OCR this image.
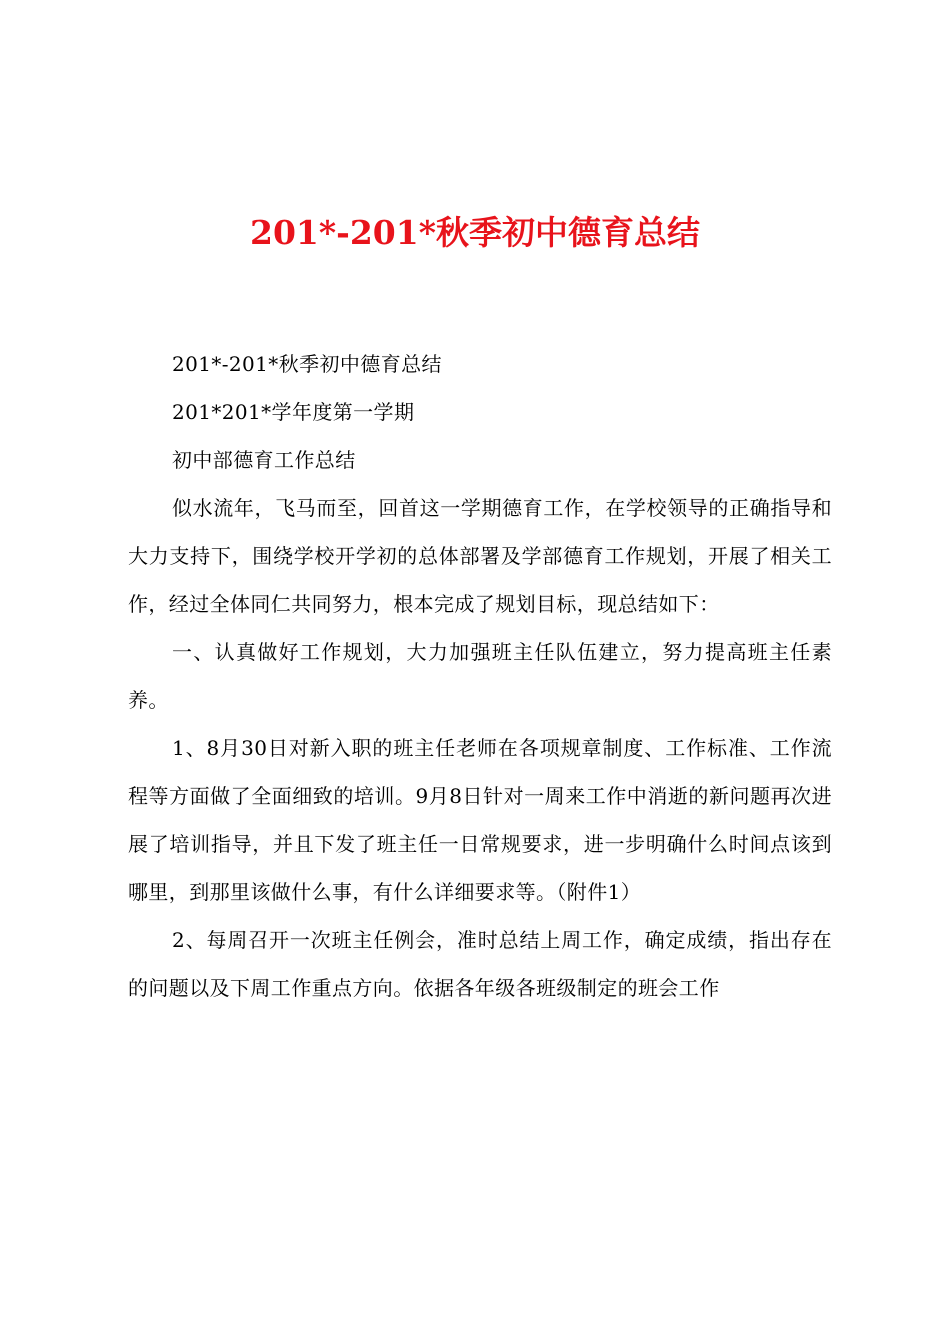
201*-201*秋季初中德育总结

201*-201*秋季初中德育总结

201*201*学年度第一学期

初中部德育工作总结

似水流年，飞马而至，回首这一学期德育工作，在学校领导的正确指导和大力支持下，围绕学校开学初的总体部署及学部德育工作规划，开展了相关工作，经过全体同仁共同努力，根本完成了规划目标，现总结如下：

一、认真做好工作规划，大力加强班主任队伍建立，努力提高班主任素养。

1、8月30日对新入职的班主任老师在各项规章制度、工作标准、工作流程等方面做了全面细致的培训。9月8日针对一周来工作中消逝的新问题再次进展了培训指导，并且下发了班主任一日常规要求，进一步明确什么时间点该到哪里，到那里该做什么事，有什么详细要求等。（附件1）

2、每周召开一次班主任例会，准时总结上周工作，确定成绩，指出存在的问题以及下周工作重点方向。依据各年级各班级制定的班会工作
